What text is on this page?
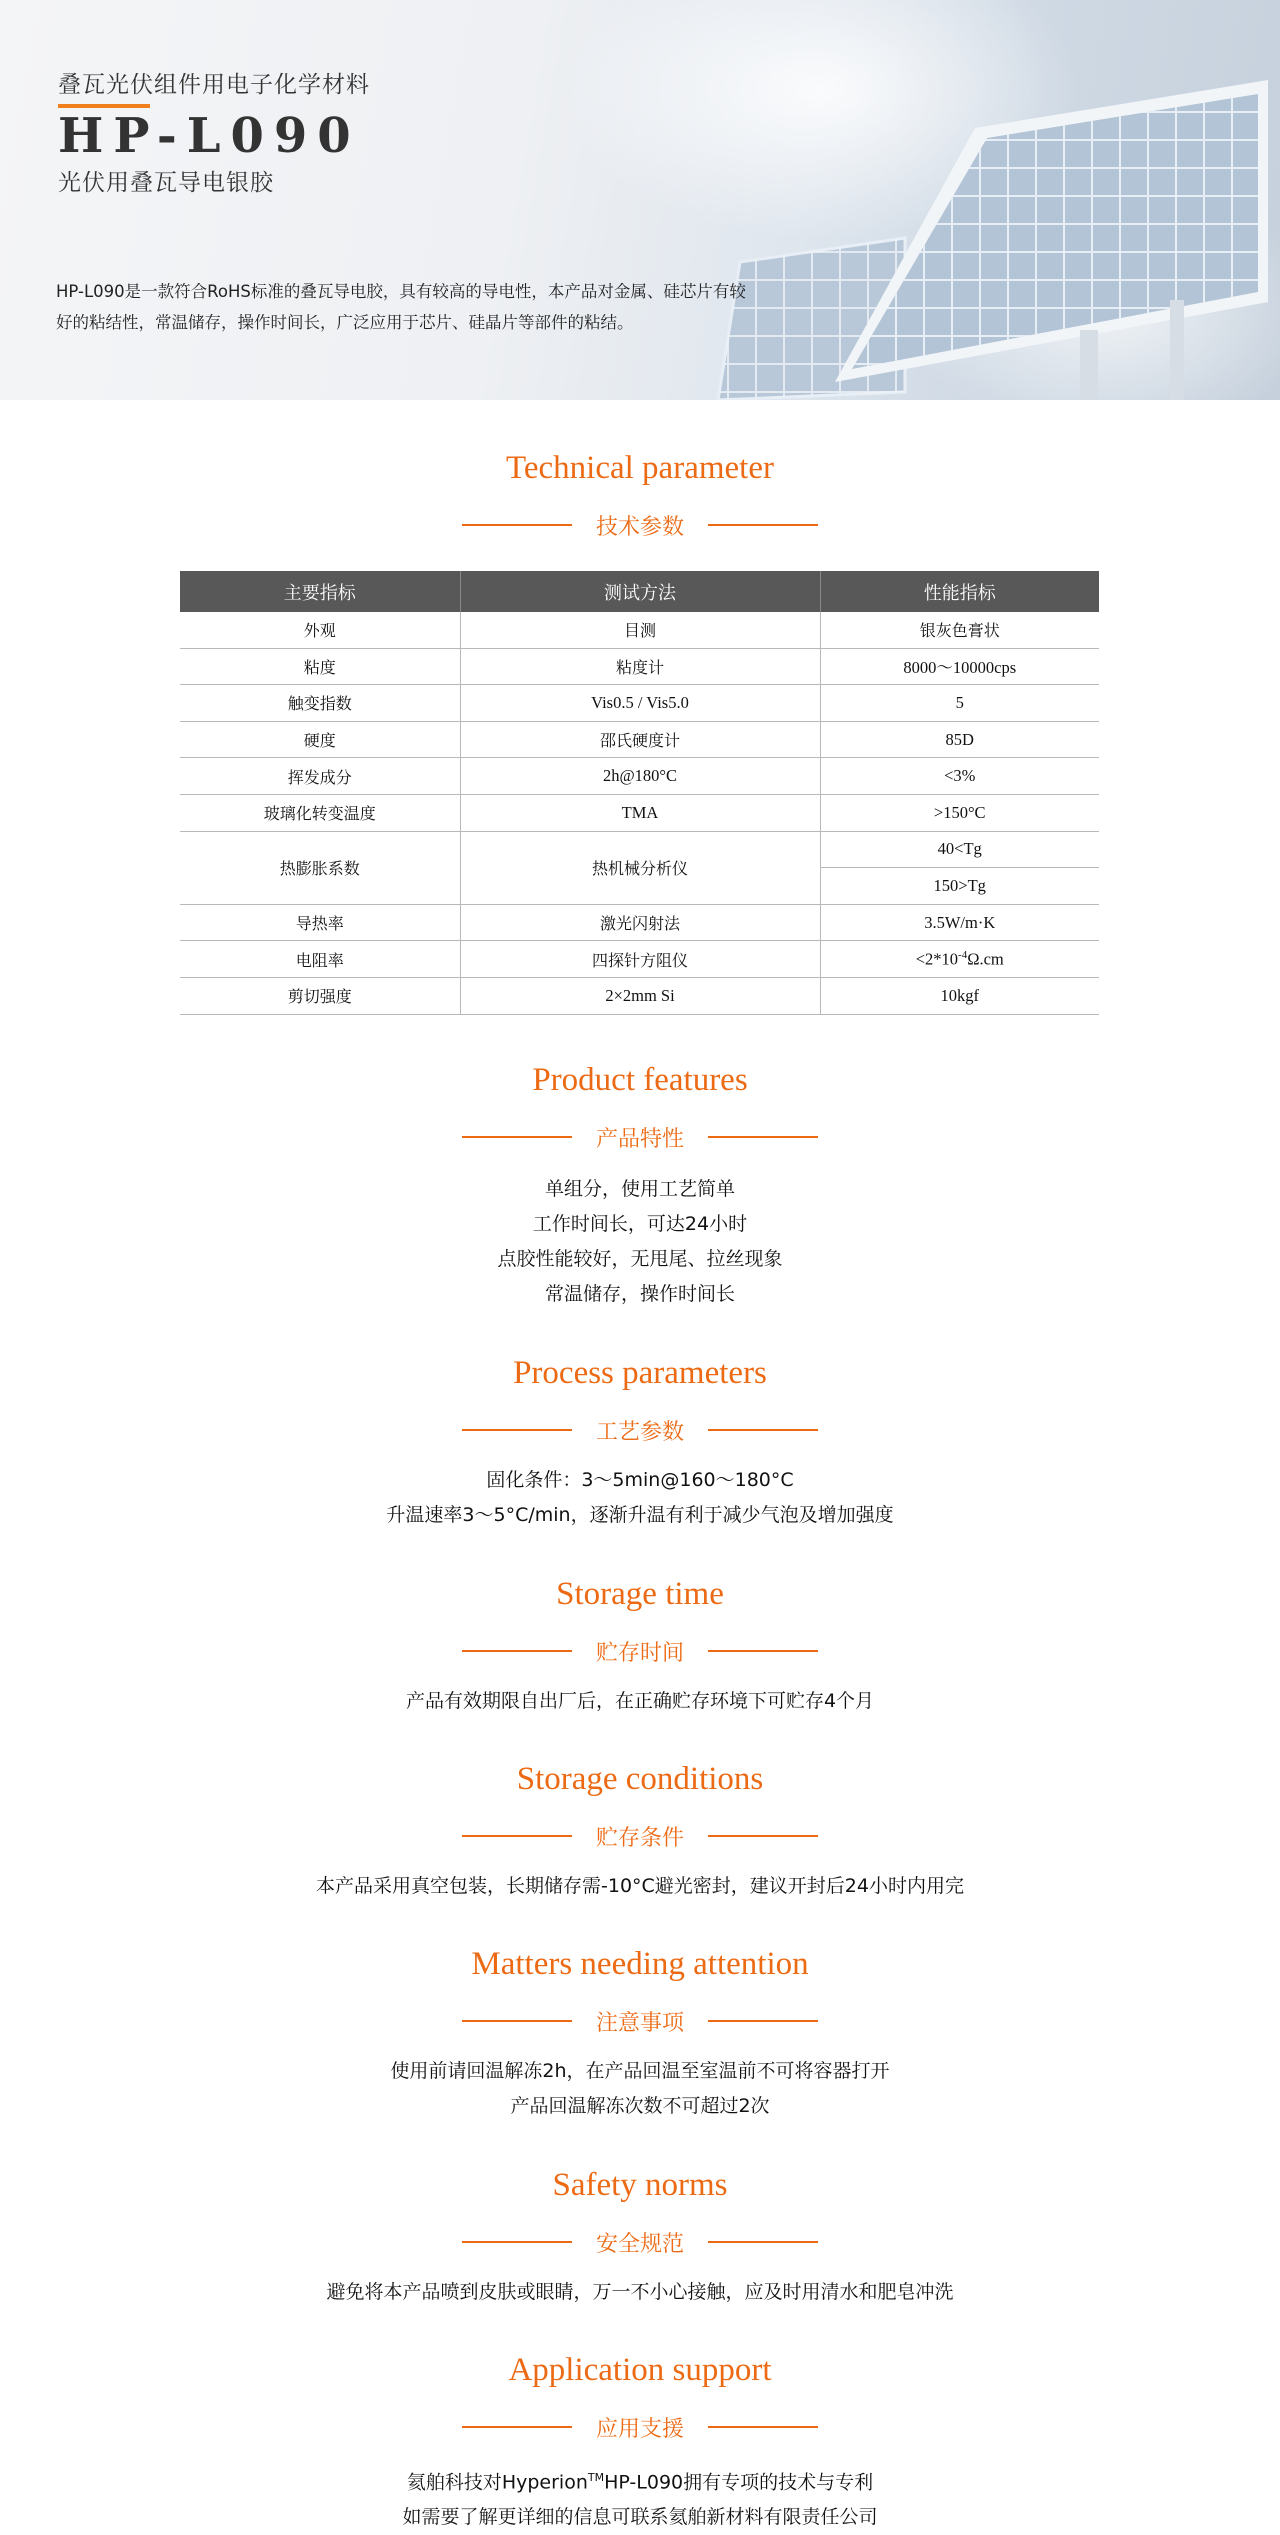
叠瓦光伏组件用电子化学材料
HP-L090
光伏用叠瓦导电银胶
HP-L090是一款符合RoHS标准的叠瓦导电胶，具有较高的导电性，本产品对金属、硅芯片有较好的粘结性，常温储存，操作时间长，广泛应用于芯片、硅晶片等部件的粘结。
Technical parameter
技术参数
主要指标	测试方法	性能指标
外观	目测	银灰色膏状
粘度	粘度计	8000～10000cps
触变指数	Vis0.5 / Vis5.0	5
硬度	邵氏硬度计	85D
挥发成分	2h@180°C	<3%
玻璃化转变温度	TMA	>150°C
热膨胀系数	热机械分析仪	40<Tg
		150>Tg
导热率	激光闪射法	3.5W/m·K
电阻率	四探针方阻仪	$<2*10^{-4}\Omega.cm$
剪切强度	2×2mm Si	10kgf
Product features
产品特性
单组分，使用工艺简单
工作时间长，可达24小时
点胶性能较好，无甩尾、拉丝现象
常温储存，操作时间长
Process parameters
工艺参数
固化条件：3～5min@160～180°C
升温速率3～5°C/min，逐渐升温有利于减少气泡及增加强度
Storage time
贮存时间
产品有效期限自出厂后，在正确贮存环境下可贮存4个月
Storage conditions
贮存条件
本产品采用真空包装，长期储存需-10°C避光密封，建议开封后24小时内用完
Matters needing attention
注意事项
使用前请回温解冻2h，在产品回温至室温前不可将容器打开
产品回温解冻次数不可超过2次
Safety norms
安全规范
避免将本产品喷到皮肤或眼睛，万一不小心接触，应及时用清水和肥皂冲洗
Application support
应用支援
氦舶科技对Hyperion™HP-L090拥有专项的技术与专利
如需要了解更详细的信息可联系氦舶新材料有限责任公司
